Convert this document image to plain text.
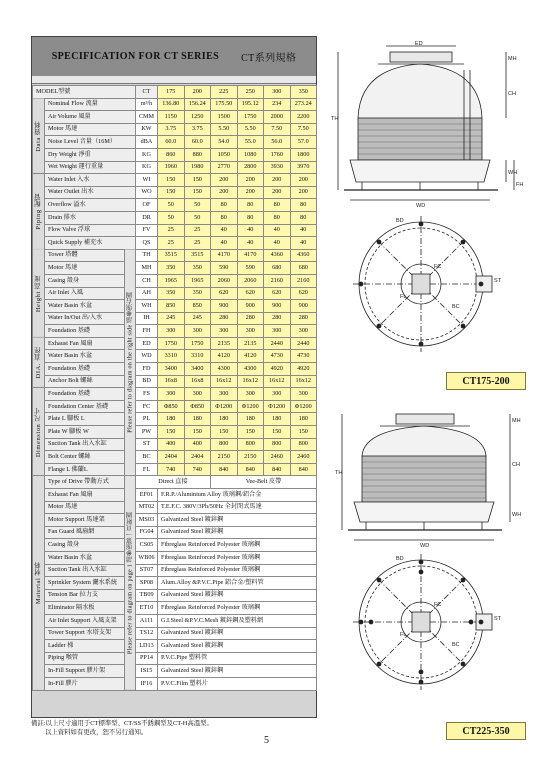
SPECIFICATION FOR CT SERIES CT系列規格
MODEL型號			CT	175	200	225	250	300	350
Data 資料	Nominal Flow 流量		m³/h	136.80	156.24	175.50	195.12	234	273.24
	Air Volume 風量		CMM	1150	1250	1500	1750	2000	2200
	Motor 馬達		KW	3.75	3.75	5.50	5.50	7.50	7.50
	Noise Level 音量（16M）		dBA	60.0	60.0	54.0	55.0	56.0	57.0
	Dry Weight 淨重		KG	860	880	1050	1080	1760	1800
	Wet Weight 運行重量		KG	1960	1980	2770	2800	3930	3970
Piping 配管	Water Inlet 入水		WI	150	150	200	200	200	200
	Water Outlet 出水		WO	150	150	200	200	200	200
	Overflow 溢水		OF	50	50	80	80	80	80
	Drain 排水		DR	50	50	80	80	80	80
	Flow Valve 浮球		FV	25	25	40	40	40	40
	Quick Supply 補充水		QS	25	25	40	40	40	40
Height 高度	Tower 塔體	Please refer to diagram on the right side 請參照右圖	TH	3515	3515	4170	4170	4360	4360
	Motor 馬達		MH	350	350	590	590	680	680
	Casing 殼身		CH	1965	1965	2060	2060	2160	2160
	Air Inlet 入風		AH	350	350	620	620	620	620
	Water Basin 水盆		WH	850	850	900	900	900	900
	Water In/Out 出/入水		IH	245	245	280	280	280	280
	Foundation 基礎		FH	300	300	300	300	300	300
DIA. 直徑	Exhaust Fan 風扇		ED	1750	1750	2135	2135	2440	2440
	Water Basin 水盆		WD	3310	3310	4120	4120	4730	4730
	Foundation 基礎		FD	3400	3400	4300	4300	4920	4920
	Anchor Bolt 螺絲		BD	16x8	16x8	16x12	16x12	16x12	16x12
Dimension 尺寸	Foundation 基礎		FS	300	300	300	300	300	300
	Foundation Center 基礎		FC	Φ850	Φ850	Φ1200	Φ1200	Φ1200	Φ1200
	Plate L 腳板 L		PL	180	180	180	180	180	180
	Plate W 腳板 W		PW	150	150	150	150	150	150
	Suction Tank 出入水缸		ST	400	400	800	800	800	800
	Bolt Center 螺絲		BC	2404	2404	2150	2150	2460	2460
	Flange L 佛蘭L		FL	740	740	840	840	840	840
Material 材料	Type of Drive 帶動方式	Please refer to diagram on page 1 請參照第一頁附圖	Direct 直接			Vee-Belt 皮帶			
	Exhaust Fan 風扇		EF01	F.R.P./Aluminium Alloy 玻璃鋼/鋁合金					
	Motor 馬達		MT02	T.E.F.C. 380V/3Ph/50Hz 全封閉式馬達					
	Motor Support 馬達架		MS03	Galvanized Steel 鍍鋅鋼					
	Fan Guard 風扇網		FG04	Galvanized Steel 鍍鋅鋼					
	Casing 殼身		CS05	Fibreglass Reinforced Polyester 玻璃鋼					
	Water Basin 水盆		WB06	Fibreglass Reinforced Polyester 玻璃鋼					
	Suction Tank 出入水缸		ST07	Fibreglass Reinforced Polyester 玻璃鋼					
	Sprinkler System 灑水系統		SP08	Alum.Alloy &P.V.C.Pipe 鋁合金/塑料管					
	Tension Bar 拉力支		TB09	Galvanized Steel 鍍鋅鋼					
	Eliminator 隔水板		ET10	Fibreglass Reinforced Polyester 玻璃鋼					
	Air Inlet Support 入風支架		A111	G.I.Steel &P.V.C.Mesh 鍍鋅鋼及塑料網					
	Tower Support 水塔支架		TS12	Galvanized Steel 鍍鋅鋼					
	Ladder 梯		LD13	Galvanized Steel 鍍鋅鋼					
	Piping 喉管		PP14	P.V.C.Pipe 塑料管					
	In-Fill Support 膠片架		IS15	Galvanized Steel 鍍鋅鋼					
	In-Fill 膠片		IF16	P.V.C.Film 塑料片					
備註:以上尺寸適用于CT標準型、CT/SS不銹鋼型及CT-H高溫型。
以上資料如有更改，恕不另行通知。
5
ED
TH
MH
CH
WH
FH
WD
BD
FC
BC
FL
ST
CT175-200
TH
MH
CH
WH
WD
BD
FC
BC
FL
ST
CT225-350
